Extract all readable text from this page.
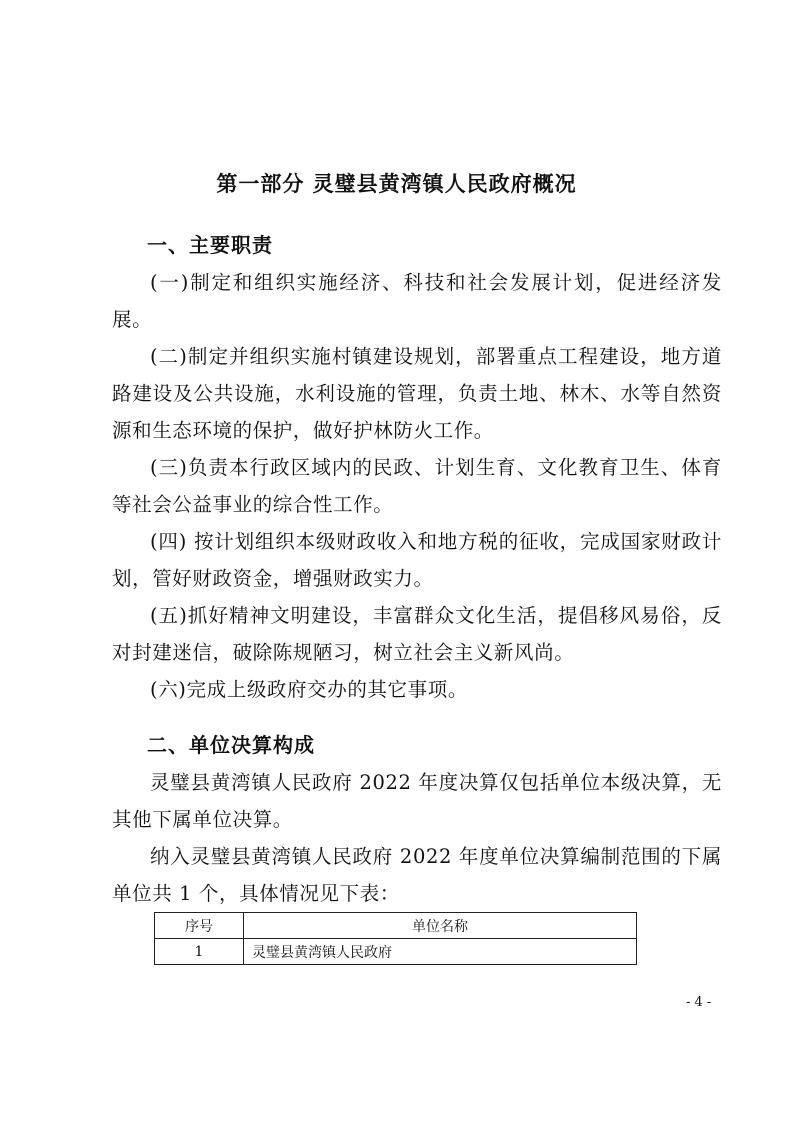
第一部分 灵璧县黄湾镇人民政府概况
一、主要职责

(一)制定和组织实施经济、科技和社会发展计划，促进经济发展。

(二)制定并组织实施村镇建设规划，部署重点工程建设，地方道路建设及公共设施，水利设施的管理，负责土地、林木、水等自然资源和生态环境的保护，做好护林防火工作。

(三)负责本行政区域内的民政、计划生育、文化教育卫生、体育等社会公益事业的综合性工作。

(四) 按计划组织本级财政收入和地方税的征收，完成国家财政计划，管好财政资金，增强财政实力。

(五)抓好精神文明建设，丰富群众文化生活，提倡移风易俗，反对封建迷信，破除陈规陋习，树立社会主义新风尚。

(六)完成上级政府交办的其它事项。

二、单位决算构成

灵璧县黄湾镇人民政府 2022 年度决算仅包括单位本级决算，无其他下属单位决算。

纳入灵璧县黄湾镇人民政府 2022 年度单位决算编制范围的下属单位共 1 个，具体情况见下表：

序号	单位名称
1	灵璧县黄湾镇人民政府
- 4 -
